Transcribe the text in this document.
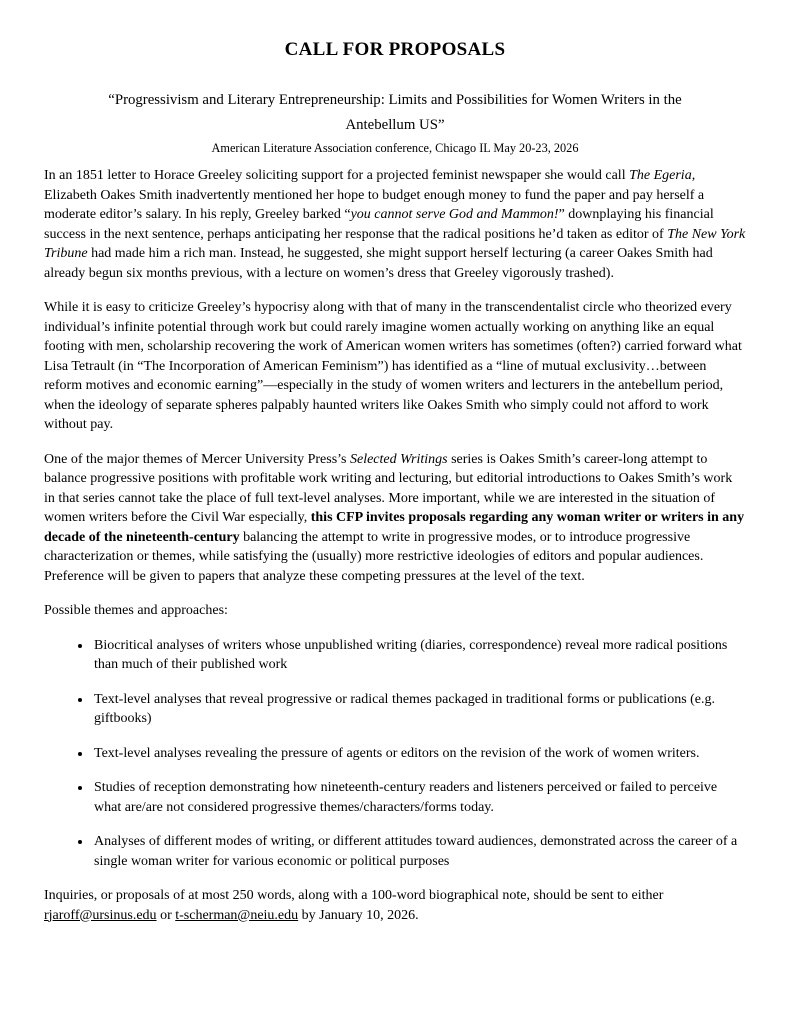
CALL FOR PROPOSALS
“Progressivism and Literary Entrepreneurship: Limits and Possibilities for Women Writers in the Antebellum US”
American Literature Association conference, Chicago IL May 20-23, 2026

In an 1851 letter to Horace Greeley soliciting support for a projected feminist newspaper she would call The Egeria, Elizabeth Oakes Smith inadvertently mentioned her hope to budget enough money to fund the paper and pay herself a moderate editor’s salary. In his reply, Greeley barked “you cannot serve God and Mammon!” downplaying his financial success in the next sentence, perhaps anticipating her response that the radical positions he’d taken as editor of The New York Tribune had made him a rich man. Instead, he suggested, she might support herself lecturing (a career Oakes Smith had already begun six months previous, with a lecture on women’s dress that Greeley vigorously trashed).

While it is easy to criticize Greeley’s hypocrisy along with that of many in the transcendentalist circle who theorized every individual’s infinite potential through work but could rarely imagine women actually working on anything like an equal footing with men, scholarship recovering the work of American women writers has sometimes (often?) carried forward what Lisa Tetrault (in “The Incorporation of American Feminism”) has identified as a “line of mutual exclusivity…between reform motives and economic earning”—especially in the study of women writers and lecturers in the antebellum period, when the ideology of separate spheres palpably haunted writers like Oakes Smith who simply could not afford to work without pay.

One of the major themes of Mercer University Press’s Selected Writings series is Oakes Smith’s career-long attempt to balance progressive positions with profitable work writing and lecturing, but editorial introductions to Oakes Smith’s work in that series cannot take the place of full text-level analyses. More important, while we are interested in the situation of women writers before the Civil War especially, this CFP invites proposals regarding any woman writer or writers in any decade of the nineteenth-century balancing the attempt to write in progressive modes, or to introduce progressive characterization or themes, while satisfying the (usually) more restrictive ideologies of editors and popular audiences. Preference will be given to papers that analyze these competing pressures at the level of the text.

Possible themes and approaches:

• Biocritical analyses of writers whose unpublished writing (diaries, correspondence) reveal more radical positions than much of their published work
• Text-level analyses that reveal progressive or radical themes packaged in traditional forms or publications (e.g. giftbooks)
• Text-level analyses revealing the pressure of agents or editors on the revision of the work of women writers.
• Studies of reception demonstrating how nineteenth-century readers and listeners perceived or failed to perceive what are/are not considered progressive themes/characters/forms today.
• Analyses of different modes of writing, or different attitudes toward audiences, demonstrated across the career of a single woman writer for various economic or political purposes

Inquiries, or proposals of at most 250 words, along with a 100-word biographical note, should be sent to either rjaroff@ursinus.edu or t-scherman@neiu.edu by January 10, 2026.
